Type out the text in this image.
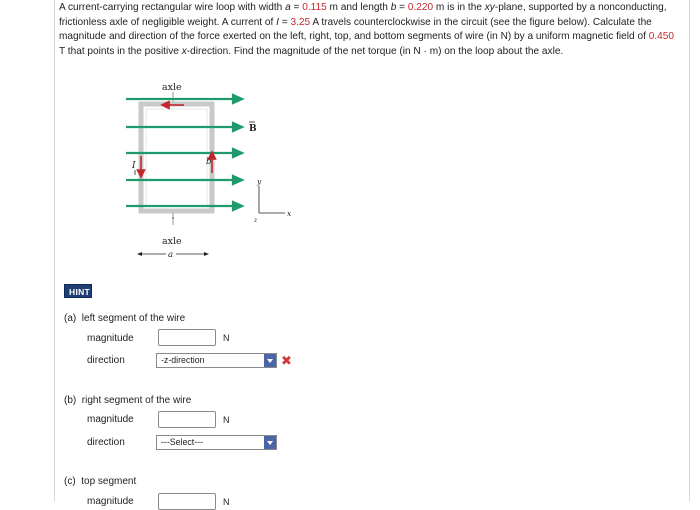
A current-carrying rectangular wire loop with width a = 0.115 m and length b = 0.220 m is in the xy-plane, supported by a nonconducting, frictionless axle of negligible weight. A current of I = 3.25 A travels counterclockwise in the circuit (see the figure below). Calculate the magnitude and direction of the force exerted on the left, right, top, and bottom segments of wire (in N) by a uniform magnetic field of 0.450 T that points in the positive x-direction. Find the magnitude of the net torque (in N · m) on the loop about the axle.
axle
axle
I	b
a
B
y
x
z
HINT
(a) left segment of the wire
magnitude	N
direction	-z-direction	✖
(b) right segment of the wire
magnitude	N
direction	---Select---
(c) top segment
magnitude	N
